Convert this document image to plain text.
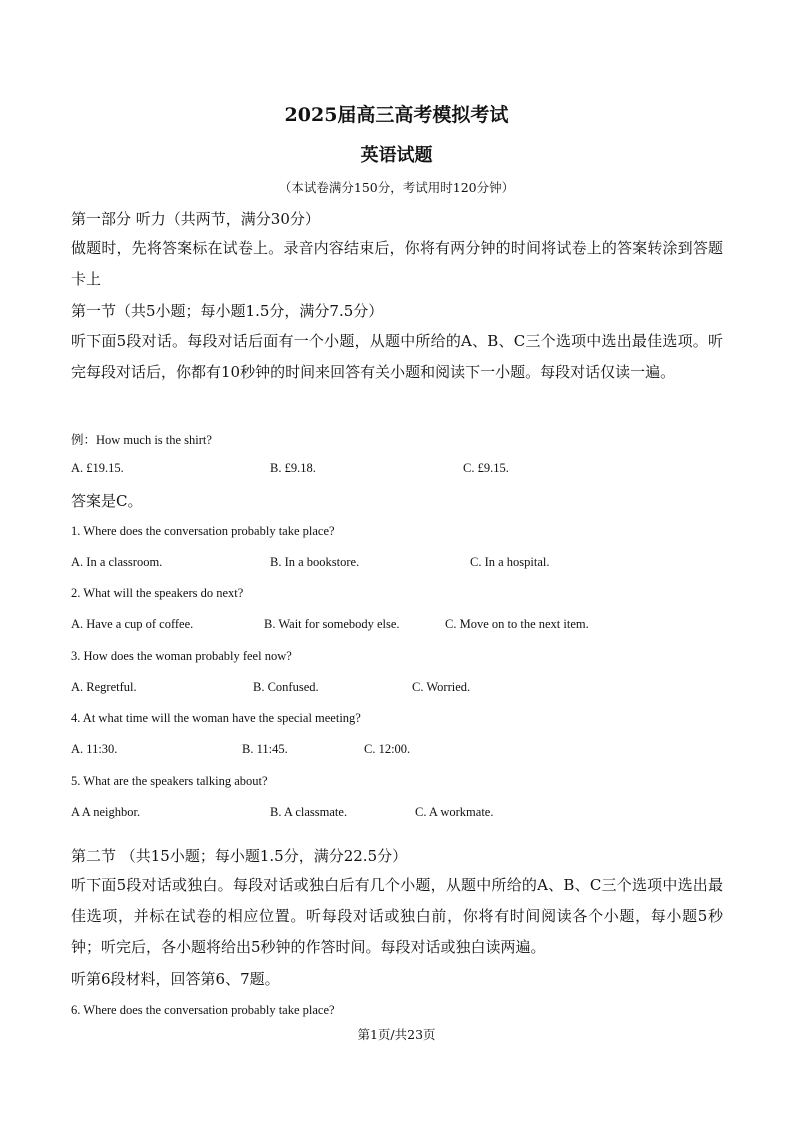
2025届高三高考模拟考试
英语试题
（本试卷满分150分，考试用时120分钟）
第一部分 听力（共两节，满分30分）
做题时，先将答案标在试卷上。录音内容结束后，你将有两分钟的时间将试卷上的答案转涂到答题卡上
第一节（共5小题；每小题1.5分，满分7.5分）
听下面5段对话。每段对话后面有一个小题，从题中所给的A、B、C三个选项中选出最佳选项。听完每段对话后，你都有10秒钟的时间来回答有关小题和阅读下一小题。每段对话仅读一遍。
例：How much is the shirt?
A. £19.15.	B. £9.18.	C. £9.15.
答案是C。
1. Where does the conversation probably take place?
A. In a classroom.	B. In a bookstore.	C. In a hospital.
2. What will the speakers do next?
A. Have a cup of coffee.	B. Wait for somebody else.	C. Move on to the next item.
3. How does the woman probably feel now?
A. Regretful.	B. Confused.	C. Worried.
4. At what time will the woman have the special meeting?
A. 11:30.	B. 11:45.	C. 12:00.
5. What are the speakers talking about?
A A neighbor.	B. A classmate.	C. A workmate.
第二节 （共15小题；每小题1.5分，满分22.5分）
听下面5段对话或独白。每段对话或独白后有几个小题，从题中所给的A、B、C三个选项中选出最佳选项，并标在试卷的相应位置。听每段对话或独白前，你将有时间阅读各个小题，每小题5秒钟；听完后，各小题将给出5秒钟的作答时间。每段对话或独白读两遍。
听第6段材料，回答第6、7题。
6. Where does the conversation probably take place?
第1页/共23页
